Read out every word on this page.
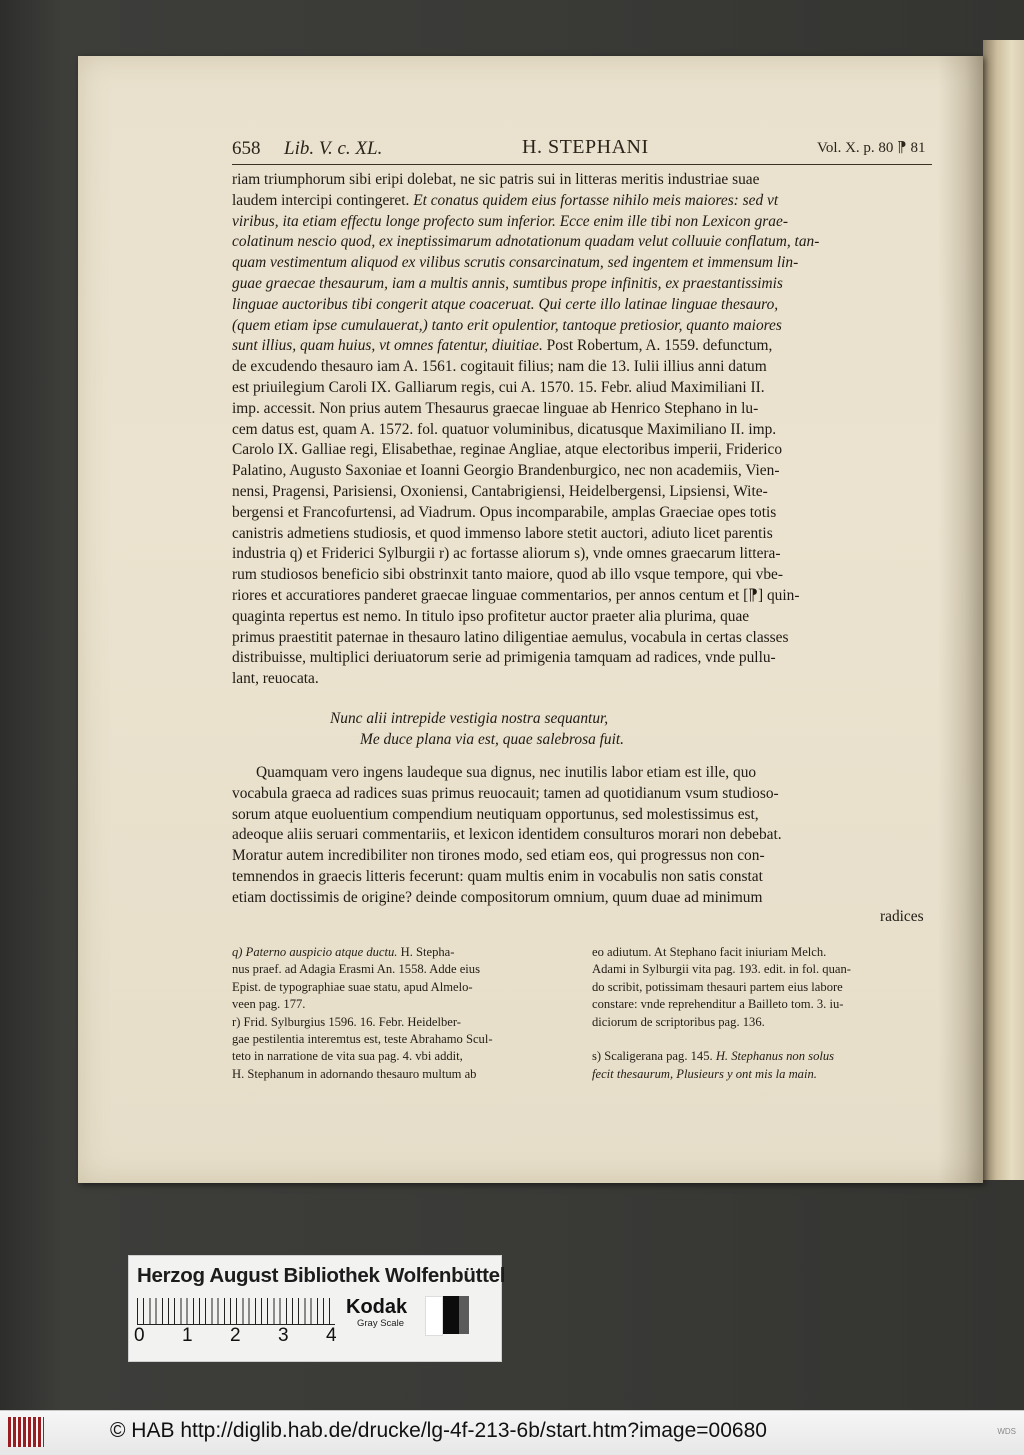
658 Lib. V. c. XL.	H. STEPHANI	Vol. X. p. 80 ⁋ 81
riam triumphorum sibi eripi dolebat, ne sic patris sui in litteras meritis industriae suae
laudem intercipi contingeret. Et conatus quidem eius fortasse nihilo meis maiores: sed vt
viribus, ita etiam effectu longe profecto sum inferior. Ecce enim ille tibi non Lexicon grae-
colatinum nescio quod, ex ineptissimarum adnotationum quadam velut colluuie conflatum, tan-
quam vestimentum aliquod ex vilibus scrutis consarcinatum, sed ingentem et immensum lin-
guae graecae thesaurum, iam a multis annis, sumtibus prope infinitis, ex praestantissimis
linguae auctoribus tibi congerit atque coaceruat. Qui certe illo latinae linguae thesauro,
(quem etiam ipse cumulauerat,) tanto erit opulentior, tantoque pretiosior, quanto maiores
sunt illius, quam huius, vt omnes fatentur, diuitiae. Post Robertum, A. 1559. defunctum,
de excudendo thesauro iam A. 1561. cogitauit filius; nam die 13. Iulii illius anni datum
est priuilegium Caroli IX. Galliarum regis, cui A. 1570. 15. Febr. aliud Maximiliani II.
imp. accessit. Non prius autem Thesaurus graecae linguae ab Henrico Stephano in lu-
cem datus est, quam A. 1572. fol. quatuor voluminibus, dicatusque Maximiliano II. imp.
Carolo IX. Galliae regi, Elisabethae, reginae Angliae, atque electoribus imperii, Friderico
Palatino, Augusto Saxoniae et Ioanni Georgio Brandenburgico, nec non academiis, Vien-
nensi, Pragensi, Parisiensi, Oxoniensi, Cantabrigiensi, Heidelbergensi, Lipsiensi, Wite-
bergensi et Francofurtensi, ad Viadrum. Opus incomparabile, amplas Graeciae opes totis
canistris admetiens studiosis, et quod immenso labore stetit auctori, adiuto licet parentis
industria q) et Friderici Sylburgii r) ac fortasse aliorum s), vnde omnes graecarum littera-
rum studiosos beneficio sibi obstrinxit tanto maiore, quod ab illo vsque tempore, qui vbe-
riores et accuratiores panderet graecae linguae commentarios, per annos centum et [⁋] quin-
quaginta repertus est nemo. In titulo ipso profitetur auctor praeter alia plurima, quae
primus praestitit paternae in thesauro latino diligentiae aemulus, vocabula in certas classes
distribuisse, multiplici deriuatorum serie ad primigenia tamquam ad radices, vnde pullu-
lant, reuocata.
Nunc alii intrepide vestigia nostra sequantur,
Me duce plana via est, quae salebrosa fuit.
Quamquam vero ingens laudeque sua dignus, nec inutilis labor etiam est ille, quo
vocabula graeca ad radices suas primus reuocauit; tamen ad quotidianum vsum studioso-
sorum atque euoluentium compendium neutiquam opportunus, sed molestissimus est,
adeoque aliis seruari commentariis, et lexicon identidem consulturos morari non debebat.
Moratur autem incredibiliter non tirones modo, sed etiam eos, qui progressus non con-
temnendos in graecis litteris fecerunt: quam multis enim in vocabulis non satis constat
etiam doctissimis de origine? deinde compositorum omnium, quum duae ad minimum
radices
q) Paterno auspicio atque ductu. H. Stepha-
nus praef. ad Adagia Erasmi An. 1558. Adde eius
Epist. de typographiae suae statu, apud Almelo-
veen pag. 177.
r) Frid. Sylburgius 1596. 16. Febr. Heidelber-
gae pestilentia interemtus est, teste Abrahamo Scul-
teto in narratione de vita sua pag. 4. vbi addit,
H. Stephanum in adornando thesauro multum ab
eo adiutum. At Stephano facit iniuriam Melch.
Adami in Sylburgii vita pag. 193. edit. in fol. quan-
do scribit, potissimam thesauri partem eius labore
constare: vnde reprehenditur a Bailleto tom. 3. iu-
diciorum de scriptoribus pag. 136.
s) Scaligerana pag. 145. H. Stephanus non solus
fecit thesaurum, Plusieurs y ont mis la main.
Herzog August Bibliothek Wolfenbüttel
0 1 2 3 4
Kodak
Gray Scale
© HAB http://diglib.hab.de/drucke/lg-4f-213-6b/start.htm?image=00680	WDS
